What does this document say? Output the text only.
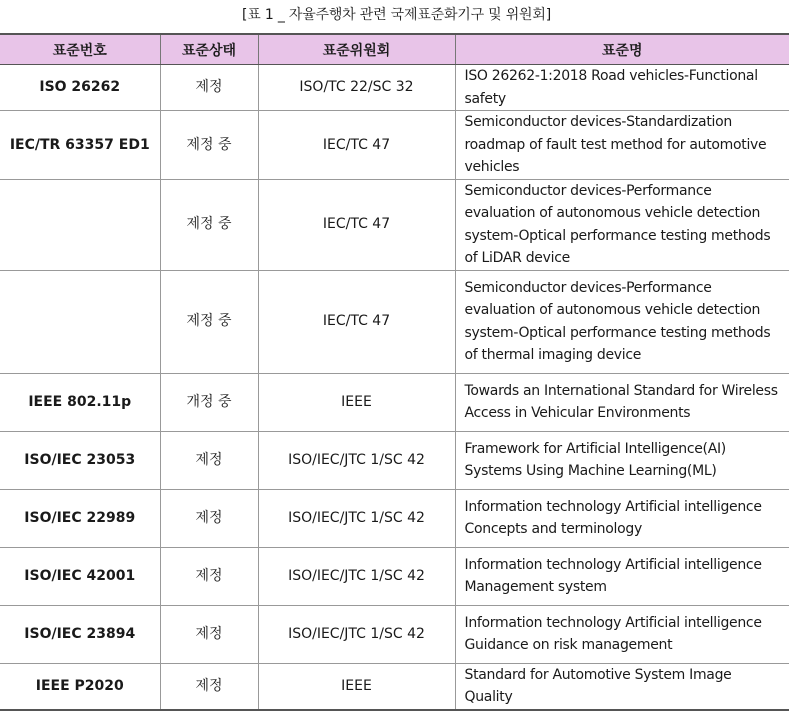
[표 1 _ 자율주행차 관련 국제표준화기구 및 위원회]
표준번호	표준상태	표준위원회	표준명
ISO 26262	제정	ISO/TC 22/SC 32	ISO 26262-1:2018 Road vehicles-Functional safety
IEC/TR 63357 ED1	제정 중	IEC/TC 47	Semiconductor devices-Standardization roadmap of fault test method for automotive vehicles
	제정 중	IEC/TC 47	Semiconductor devices-Performance evaluation of autonomous vehicle detection system-Optical performance testing methods of LiDAR device
	제정 중	IEC/TC 47	Semiconductor devices-Performance evaluation of autonomous vehicle detection system-Optical performance testing methods of thermal imaging device
IEEE 802.11p	개정 중	IEEE	Towards an International Standard for Wireless Access in Vehicular Environments
ISO/IEC 23053	제정	ISO/IEC/JTC 1/SC 42	Framework for Artificial Intelligence(AI) Systems Using Machine Learning(ML)
ISO/IEC 22989	제정	ISO/IEC/JTC 1/SC 42	Information technology Artificial intelligence Concepts and terminology
ISO/IEC 42001	제정	ISO/IEC/JTC 1/SC 42	Information technology Artificial intelligence Management system
ISO/IEC 23894	제정	ISO/IEC/JTC 1/SC 42	Information technology Artificial intelligence Guidance on risk management
IEEE P2020	제정	IEEE	Standard for Automotive System Image Quality
